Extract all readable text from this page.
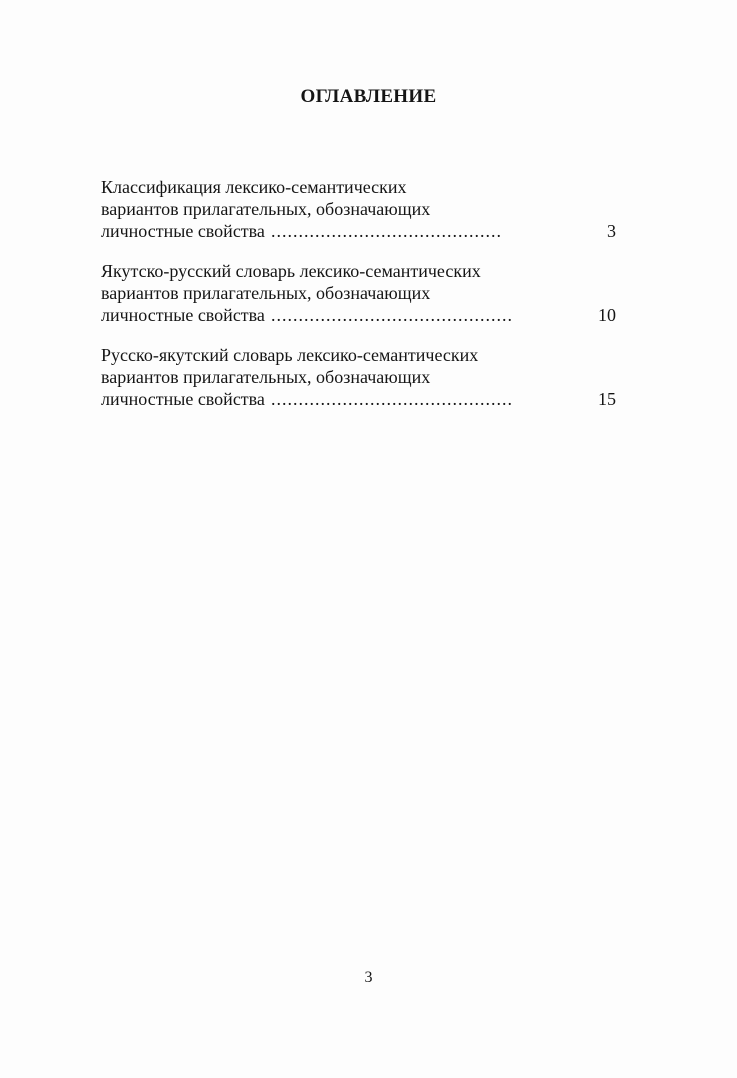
ОГЛАВЛЕНИЕ
Классификация лексико-семантических
вариантов прилагательных, обозначающих
личностные свойства ..........................................	3
Якутско-русский словарь лексико-семантических
вариантов прилагательных, обозначающих
личностные свойства ............................................	10
Русско-якутский словарь лексико-семантических
вариантов прилагательных, обозначающих
личностные свойства ............................................	15
3
